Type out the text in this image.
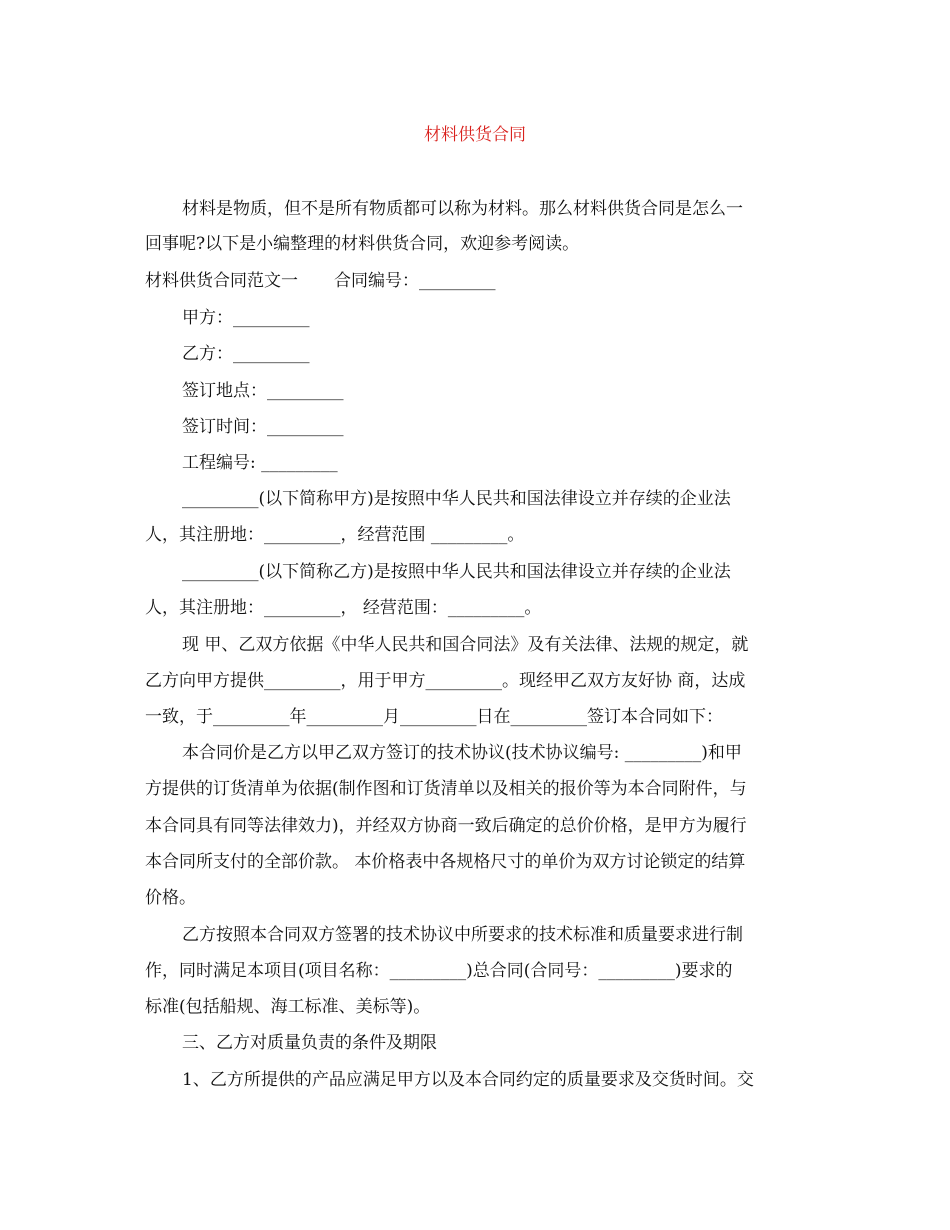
材料供货合同
材料是物质，但不是所有物质都可以称为材料。那么材料供货合同是怎么一
回事呢?以下是小编整理的材料供货合同，欢迎参考阅读。
材料供货合同范文一 合同编号：_________
甲方：_________
乙方：_________
签订地点：_________
签订时间：_________
工程编号: _________
_________(以下简称甲方)是按照中华人民共和国法律设立并存续的企业法
人，其注册地：_________，经营范围 _________。
_________(以下简称乙方)是按照中华人民共和国法律设立并存续的企业法
人，其注册地：_________， 经营范围：_________。
现 甲、乙双方依据《中华人民共和国合同法》及有关法律、法规的规定，就
乙方向甲方提供_________，用于甲方_________。现经甲乙双方友好协 商，达成
一致，于_________年_________月_________日在_________签订本合同如下：
本合同价是乙方以甲乙双方签订的技术协议(技术协议编号: _________)和甲
方提供的订货清单为依据(制作图和订货清单以及相关的报价等为本合同附件，与
本合同具有同等法律效力)，并经双方协商一致后确定的总价价格，是甲方为履行
本合同所支付的全部价款。 本价格表中各规格尺寸的单价为双方讨论锁定的结算
价格。
乙方按照本合同双方签署的技术协议中所要求的技术标准和质量要求进行制
作，同时满足本项目(项目名称：_________)总合同(合同号：_________)要求的
标准(包括船规、海工标准、美标等)。
三、乙方对质量负责的条件及期限
1、乙方所提供的产品应满足甲方以及本合同约定的质量要求及交货时间。交
